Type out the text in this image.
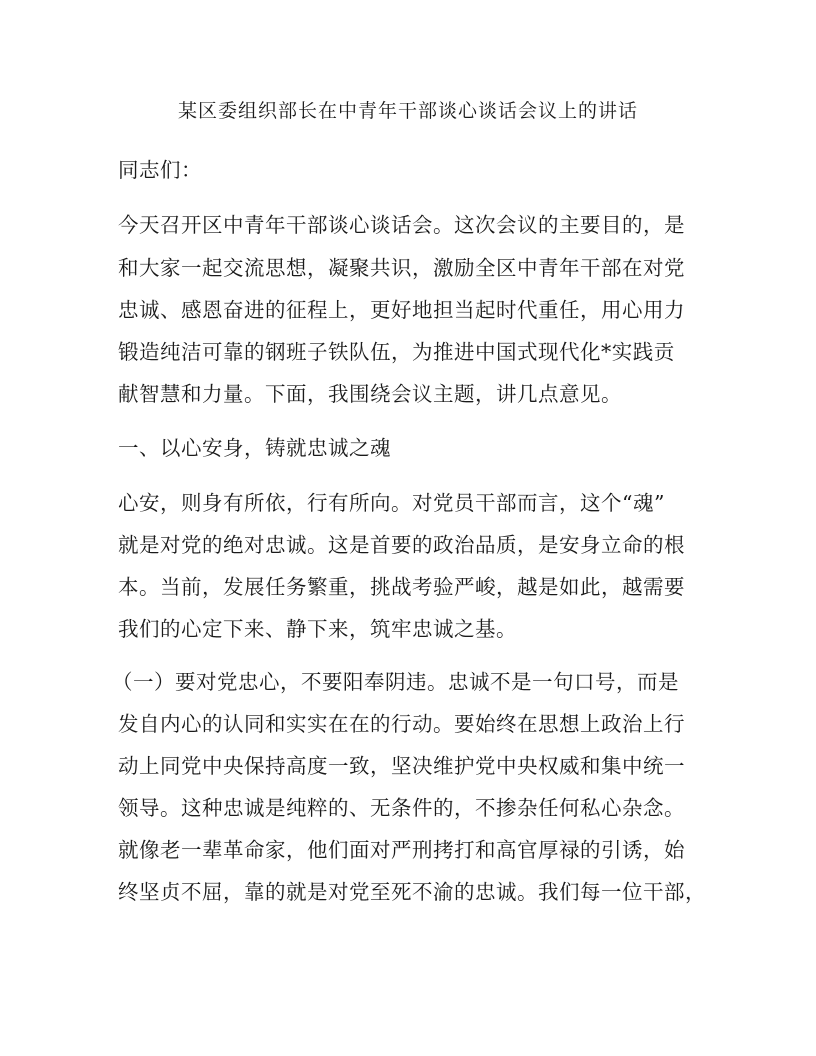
某区委组织部长在中青年干部谈心谈话会议上的讲话
同志们：
今天召开区中青年干部谈心谈话会。这次会议的主要目的，是
和大家一起交流思想，凝聚共识，激励全区中青年干部在对党
忠诚、感恩奋进的征程上，更好地担当起时代重任，用心用力
锻造纯洁可靠的钢班子铁队伍，为推进中国式现代化*实践贡
献智慧和力量。下面，我围绕会议主题，讲几点意见。
一、以心安身，铸就忠诚之魂
心安，则身有所依，行有所向。对党员干部而言，这个“魂”
就是对党的绝对忠诚。这是首要的政治品质，是安身立命的根
本。当前，发展任务繁重，挑战考验严峻，越是如此，越需要
我们的心定下来、静下来，筑牢忠诚之基。
（一）要对党忠心，不要阳奉阴违。忠诚不是一句口号，而是
发自内心的认同和实实在在的行动。要始终在思想上政治上行
动上同党中央保持高度一致，坚决维护党中央权威和集中统一
领导。这种忠诚是纯粹的、无条件的，不掺杂任何私心杂念。
就像老一辈革命家，他们面对严刑拷打和高官厚禄的引诱，始
终坚贞不屈，靠的就是对党至死不渝的忠诚。我们每一位干部，
